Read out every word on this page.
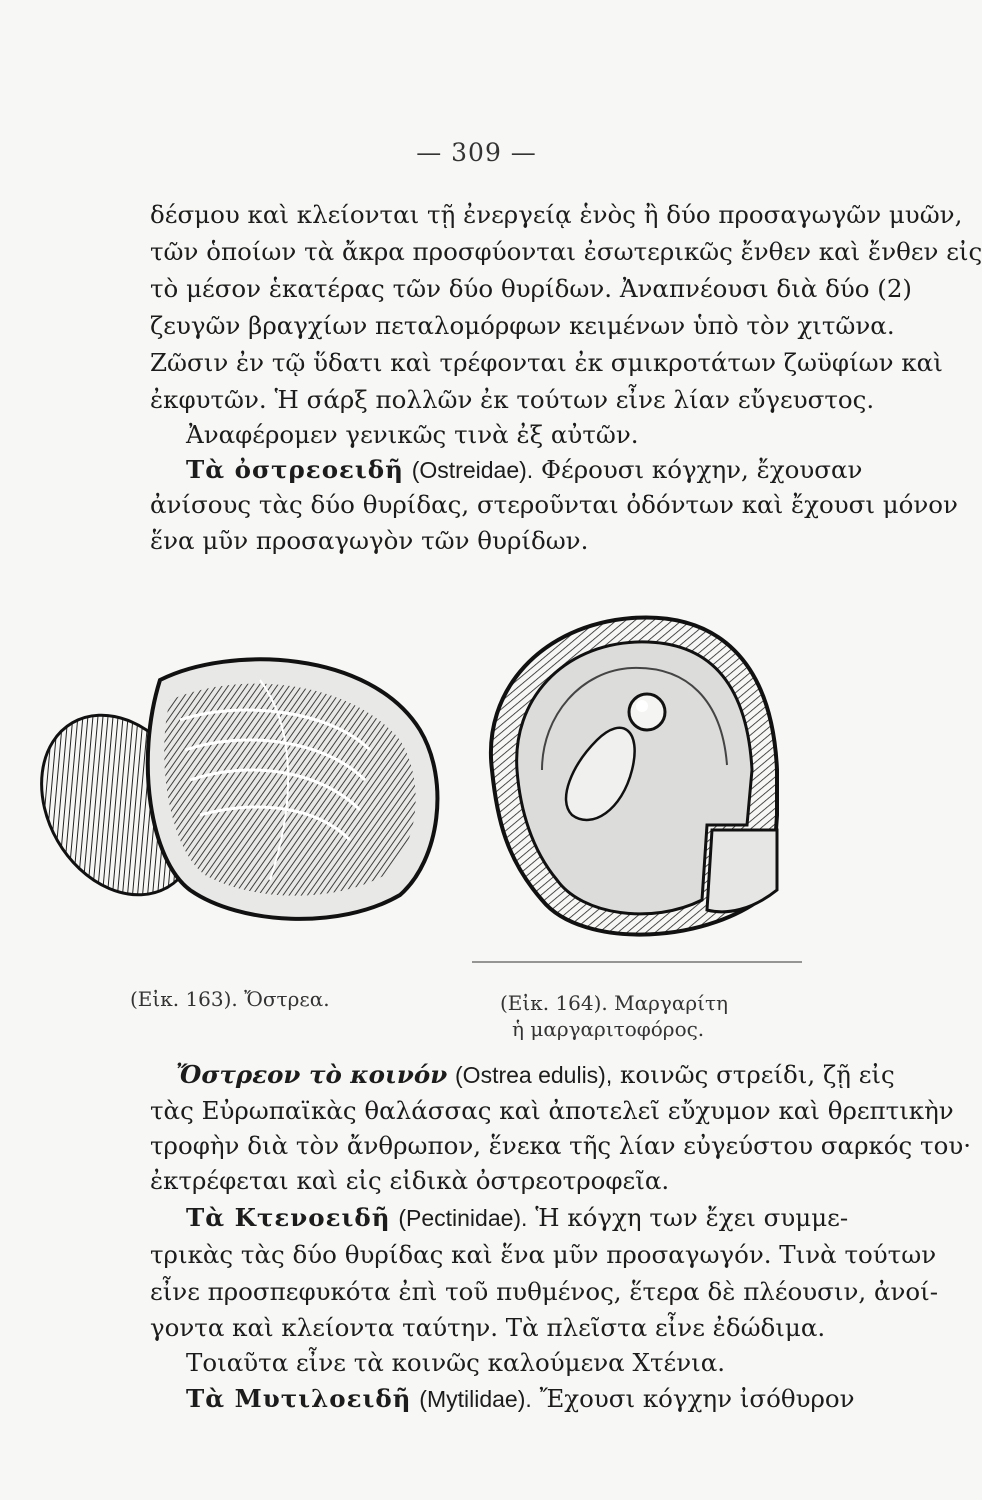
— 309 —
δέσμου καὶ κλείονται τῇ ἐνεργείᾳ ἑνὸς ἢ δύο προσαγωγῶν μυῶν,
τῶν ὁποίων τὰ ἄκρα προσφύονται ἐσωτερικῶς ἔνθεν καὶ ἔνθεν εἰς
τὸ μέσον ἑκατέρας τῶν δύο θυρίδων. Ἀναπνέουσι διὰ δύο (2)
ζευγῶν βραγχίων πεταλομόρφων κειμένων ὑπὸ τὸν χιτῶνα.
Ζῶσιν ἐν τῷ ὕδατι καὶ τρέφονται ἐκ σμικροτάτων ζωϋφίων καὶ
ἐκφυτῶν. Ἡ σάρξ πολλῶν ἐκ τούτων εἶνε λίαν εὔγευστος.
Ἀναφέρομεν γενικῶς τινὰ ἐξ αὐτῶν.
Τὰ ὀστρεοειδῆ (Ostreidae). Φέρουσι κόγχην, ἔχουσαν
ἀνίσους τὰς δύο θυρίδας, στεροῦνται ὀδόντων καὶ ἔχουσι μόνον
ἕνα μῦν προσαγωγὸν τῶν θυρίδων.
(Εἰκ. 163). Ὄστρεα.	(Εἰκ. 164). Μαργαρίτη
ἡ μαργαριτοφόρος.
Ὄστρεον τὸ κοινόν (Ostrea edulis), κοινῶς στρείδι, ζῇ εἰς
τὰς Εὐρωπαϊκὰς θαλάσσας καὶ ἀποτελεῖ εὔχυμον καὶ θρεπτικὴν
τροφὴν διὰ τὸν ἄνθρωπον, ἕνεκα τῆς λίαν εὐγεύστου σαρκός του·
ἐκτρέφεται καὶ εἰς εἰδικὰ ὀστρεοτροφεῖα.
Τὰ Κτενοειδῆ (Pectinidae). Ἡ κόγχη των ἔχει συμμε-
τρικὰς τὰς δύο θυρίδας καὶ ἕνα μῦν προσαγωγόν. Τινὰ τούτων
εἶνε προσπεφυκότα ἐπὶ τοῦ πυθμένος, ἕτερα δὲ πλέουσιν, ἀνοί-
γοντα καὶ κλείοντα ταύτην. Τὰ πλεῖστα εἶνε ἐδώδιμα.
Τοιαῦτα εἶνε τὰ κοινῶς καλούμενα Χτένια.
Τὰ Μυτιλοειδῆ (Mytilidae). Ἔχουσι κόγχην ἰσόθυρον
